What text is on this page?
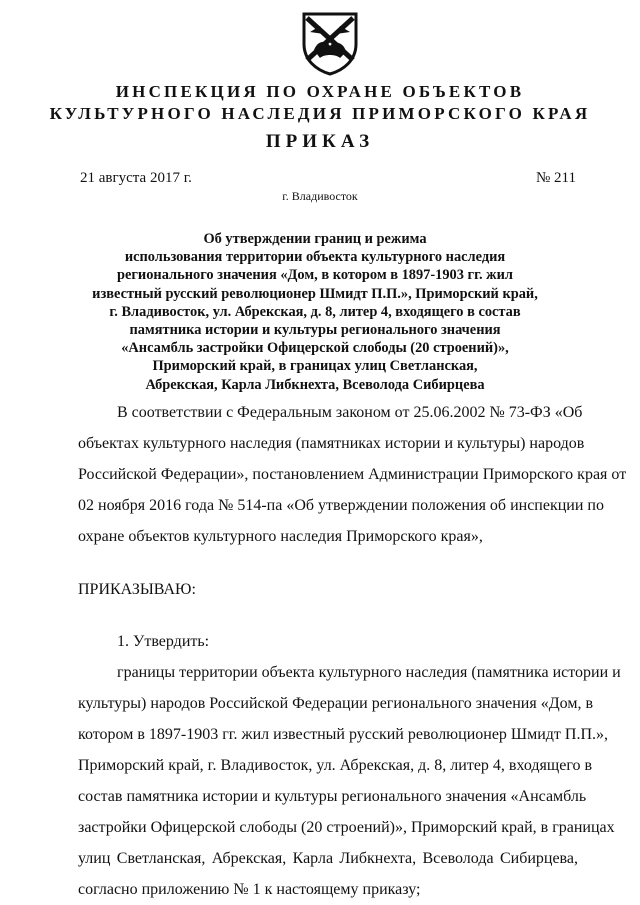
ИНСПЕКЦИЯ ПО ОХРАНЕ ОБЪЕКТОВ
КУЛЬТУРНОГО НАСЛЕДИЯ ПРИМОРСКОГО КРАЯ
ПРИКАЗ
21 августа 2017 г.	№ 211
г. Владивосток
Об утверждении границ и режима
использования территории объекта культурного наследия
регионального значения «Дом, в котором в 1897-1903 гг. жил
известный русский революционер Шмидт П.П.», Приморский край,
г. Владивосток, ул. Абрекская, д. 8, литер 4, входящего в состав
памятника истории и культуры регионального значения
«Ансамбль застройки Офицерской слободы (20 строений)»,
Приморский край, в границах улиц Светланская,
Абрекская, Карла Либкнехта, Всеволода Сибирцева
В соответствии с Федеральным законом от 25.06.2002 № 73-ФЗ «Об
объектах культурного наследия (памятниках истории и культуры) народов
Российской Федерации», постановлением Администрации Приморского края от
02 ноября 2016 года № 514-па «Об утверждении положения об инспекции по
охране объектов культурного наследия Приморского края»,
ПРИКАЗЫВАЮ:
1. Утвердить:
границы территории объекта культурного наследия (памятника истории и
культуры) народов Российской Федерации регионального значения «Дом, в
котором в 1897-1903 гг. жил известный русский революционер Шмидт П.П.»,
Приморский край, г. Владивосток, ул. Абрекская, д. 8, литер 4, входящего в
состав памятника истории и культуры регионального значения «Ансамбль
застройки Офицерской слободы (20 строений)», Приморский край, в границах
улиц Светланская, Абрекская, Карла Либкнехта, Всеволода Сибирцева,
согласно приложению № 1 к настоящему приказу;
